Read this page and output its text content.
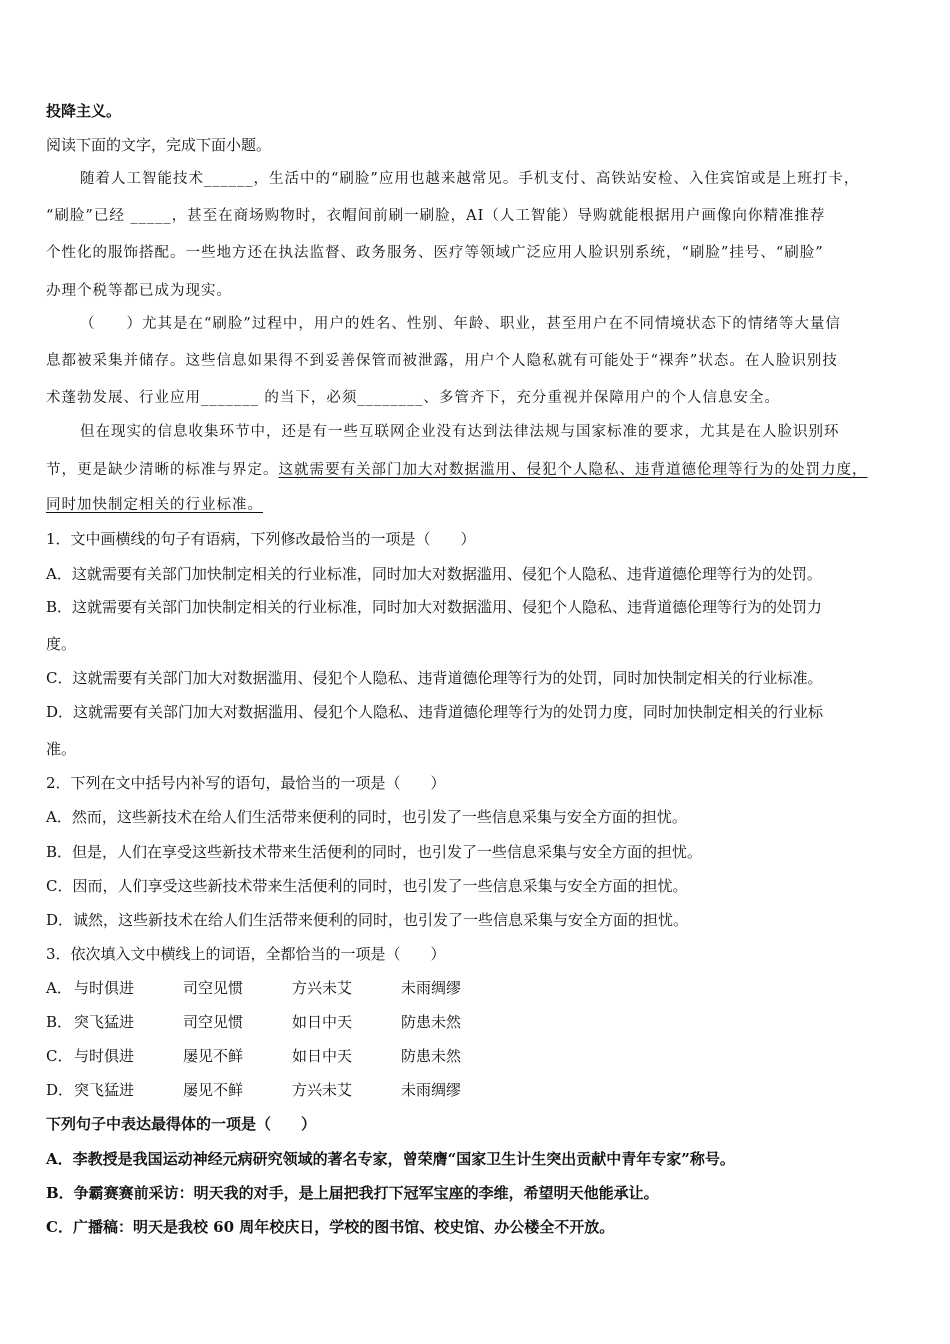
投降主义。
阅读下面的文字，完成下面小题。
随着人工智能技术______，生活中的“刷脸”应用也越来越常见。手机支付、高铁站安检、入住宾馆或是上班打卡，
“刷脸”已经 _____，甚至在商场购物时，衣帽间前刷一刷脸，AI（人工智能）导购就能根据用户画像向你精准推荐
个性化的服饰搭配。一些地方还在执法监督、政务服务、医疗等领域广泛应用人脸识别系统，“刷脸”挂号、“刷脸”
办理个税等都已成为现实。
（　　）尤其是在“刷脸”过程中，用户的姓名、性别、年龄、职业，甚至用户在不同情境状态下的情绪等大量信
息都被采集并储存。这些信息如果得不到妥善保管而被泄露，用户个人隐私就有可能处于“裸奔”状态。在人脸识别技
术蓬勃发展、行业应用_______ 的当下，必须________、多管齐下，充分重视并保障用户的个人信息安全。
但在现实的信息收集环节中，还是有一些互联网企业没有达到法律法规与国家标准的要求，尤其是在人脸识别环
节，更是缺少清晰的标准与界定。这就需要有关部门加大对数据滥用、侵犯个人隐私、违背道德伦理等行为的处罚力度，
同时加快制定相关的行业标准。
1．文中画横线的句子有语病，下列修改最恰当的一项是（　　）
A．这就需要有关部门加快制定相关的行业标准，同时加大对数据滥用、侵犯个人隐私、违背道德伦理等行为的处罚。
B．这就需要有关部门加快制定相关的行业标准，同时加大对数据滥用、侵犯个人隐私、违背道德伦理等行为的处罚力
度。
C．这就需要有关部门加大对数据滥用、侵犯个人隐私、违背道德伦理等行为的处罚，同时加快制定相关的行业标准。
D．这就需要有关部门加大对数据滥用、侵犯个人隐私、违背道德伦理等行为的处罚力度，同时加快制定相关的行业标
准。
2．下列在文中括号内补写的语句，最恰当的一项是（　　）
A．然而，这些新技术在给人们生活带来便利的同时，也引发了一些信息采集与安全方面的担忧。
B．但是，人们在享受这些新技术带来生活便利的同时，也引发了一些信息采集与安全方面的担忧。
C．因而，人们享受这些新技术带来生活便利的同时，也引发了一些信息采集与安全方面的担忧。
D．诚然，这些新技术在给人们生活带来便利的同时，也引发了一些信息采集与安全方面的担忧。
3．依次填入文中横线上的词语，全都恰当的一项是（　　）
A． 与时俱进	司空见惯	方兴未艾	未雨绸缪
B． 突飞猛进	司空见惯	如日中天	防患未然
C． 与时俱进	屡见不鲜	如日中天	防患未然
D．突飞猛进	屡见不鲜	方兴未艾	未雨绸缪
下列句子中表达最得体的一项是（　　）
A．李教授是我国运动神经元病研究领域的著名专家，曾荣膺“国家卫生计生突出贡献中青年专家”称号。
B．争霸赛赛前采访：明天我的对手，是上届把我打下冠军宝座的李维，希望明天他能承让。
C．广播稿：明天是我校 60 周年校庆日，学校的图书馆、校史馆、办公楼全不开放。
